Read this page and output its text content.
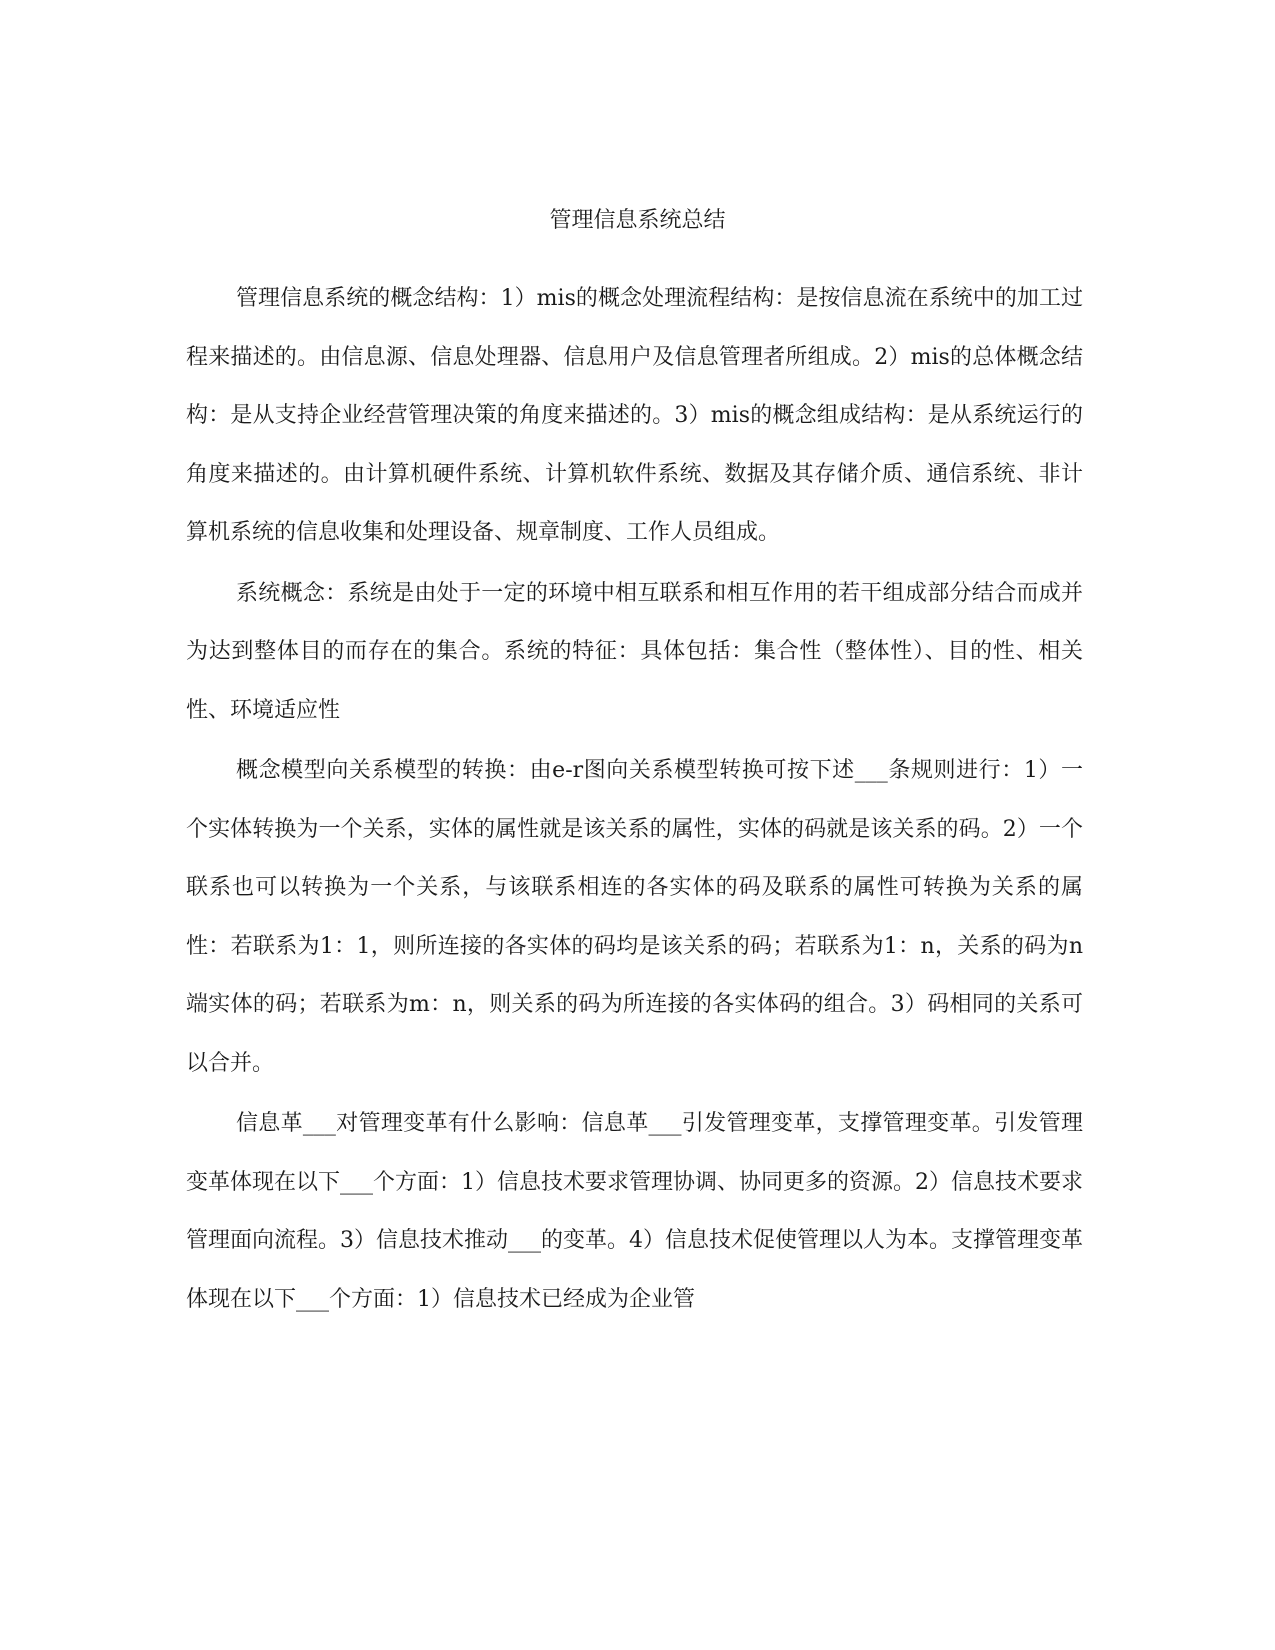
管理信息系统总结

管理信息系统的概念结构：1）mis的概念处理流程结构：是按信息流在系统中的加工过程来描述的。由信息源、信息处理器、信息用户及信息管理者所组成。2）mis的总体概念结构：是从支持企业经营管理决策的角度来描述的。3）mis的概念组成结构：是从系统运行的角度来描述的。由计算机硬件系统、计算机软件系统、数据及其存储介质、通信系统、非计算机系统的信息收集和处理设备、规章制度、工作人员组成。

系统概念：系统是由处于一定的环境中相互联系和相互作用的若干组成部分结合而成并为达到整体目的而存在的集合。系统的特征：具体包括：集合性（整体性）、目的性、相关性、环境适应性

概念模型向关系模型的转换：由e-r图向关系模型转换可按下述___条规则进行：1）一个实体转换为一个关系，实体的属性就是该关系的属性，实体的码就是该关系的码。2）一个联系也可以转换为一个关系，与该联系相连的各实体的码及联系的属性可转换为关系的属性：若联系为1：1，则所连接的各实体的码均是该关系的码；若联系为1：n，关系的码为n端实体的码；若联系为m：n，则关系的码为所连接的各实体码的组合。3）码相同的关系可以合并。

信息革___对管理变革有什么影响：信息革___引发管理变革，支撑管理变革。引发管理变革体现在以下___个方面：1）信息技术要求管理协调、协同更多的资源。2）信息技术要求管理面向流程。3）信息技术推动___的变革。4）信息技术促使管理以人为本。支撑管理变革体现在以下___个方面：1）信息技术已经成为企业管
